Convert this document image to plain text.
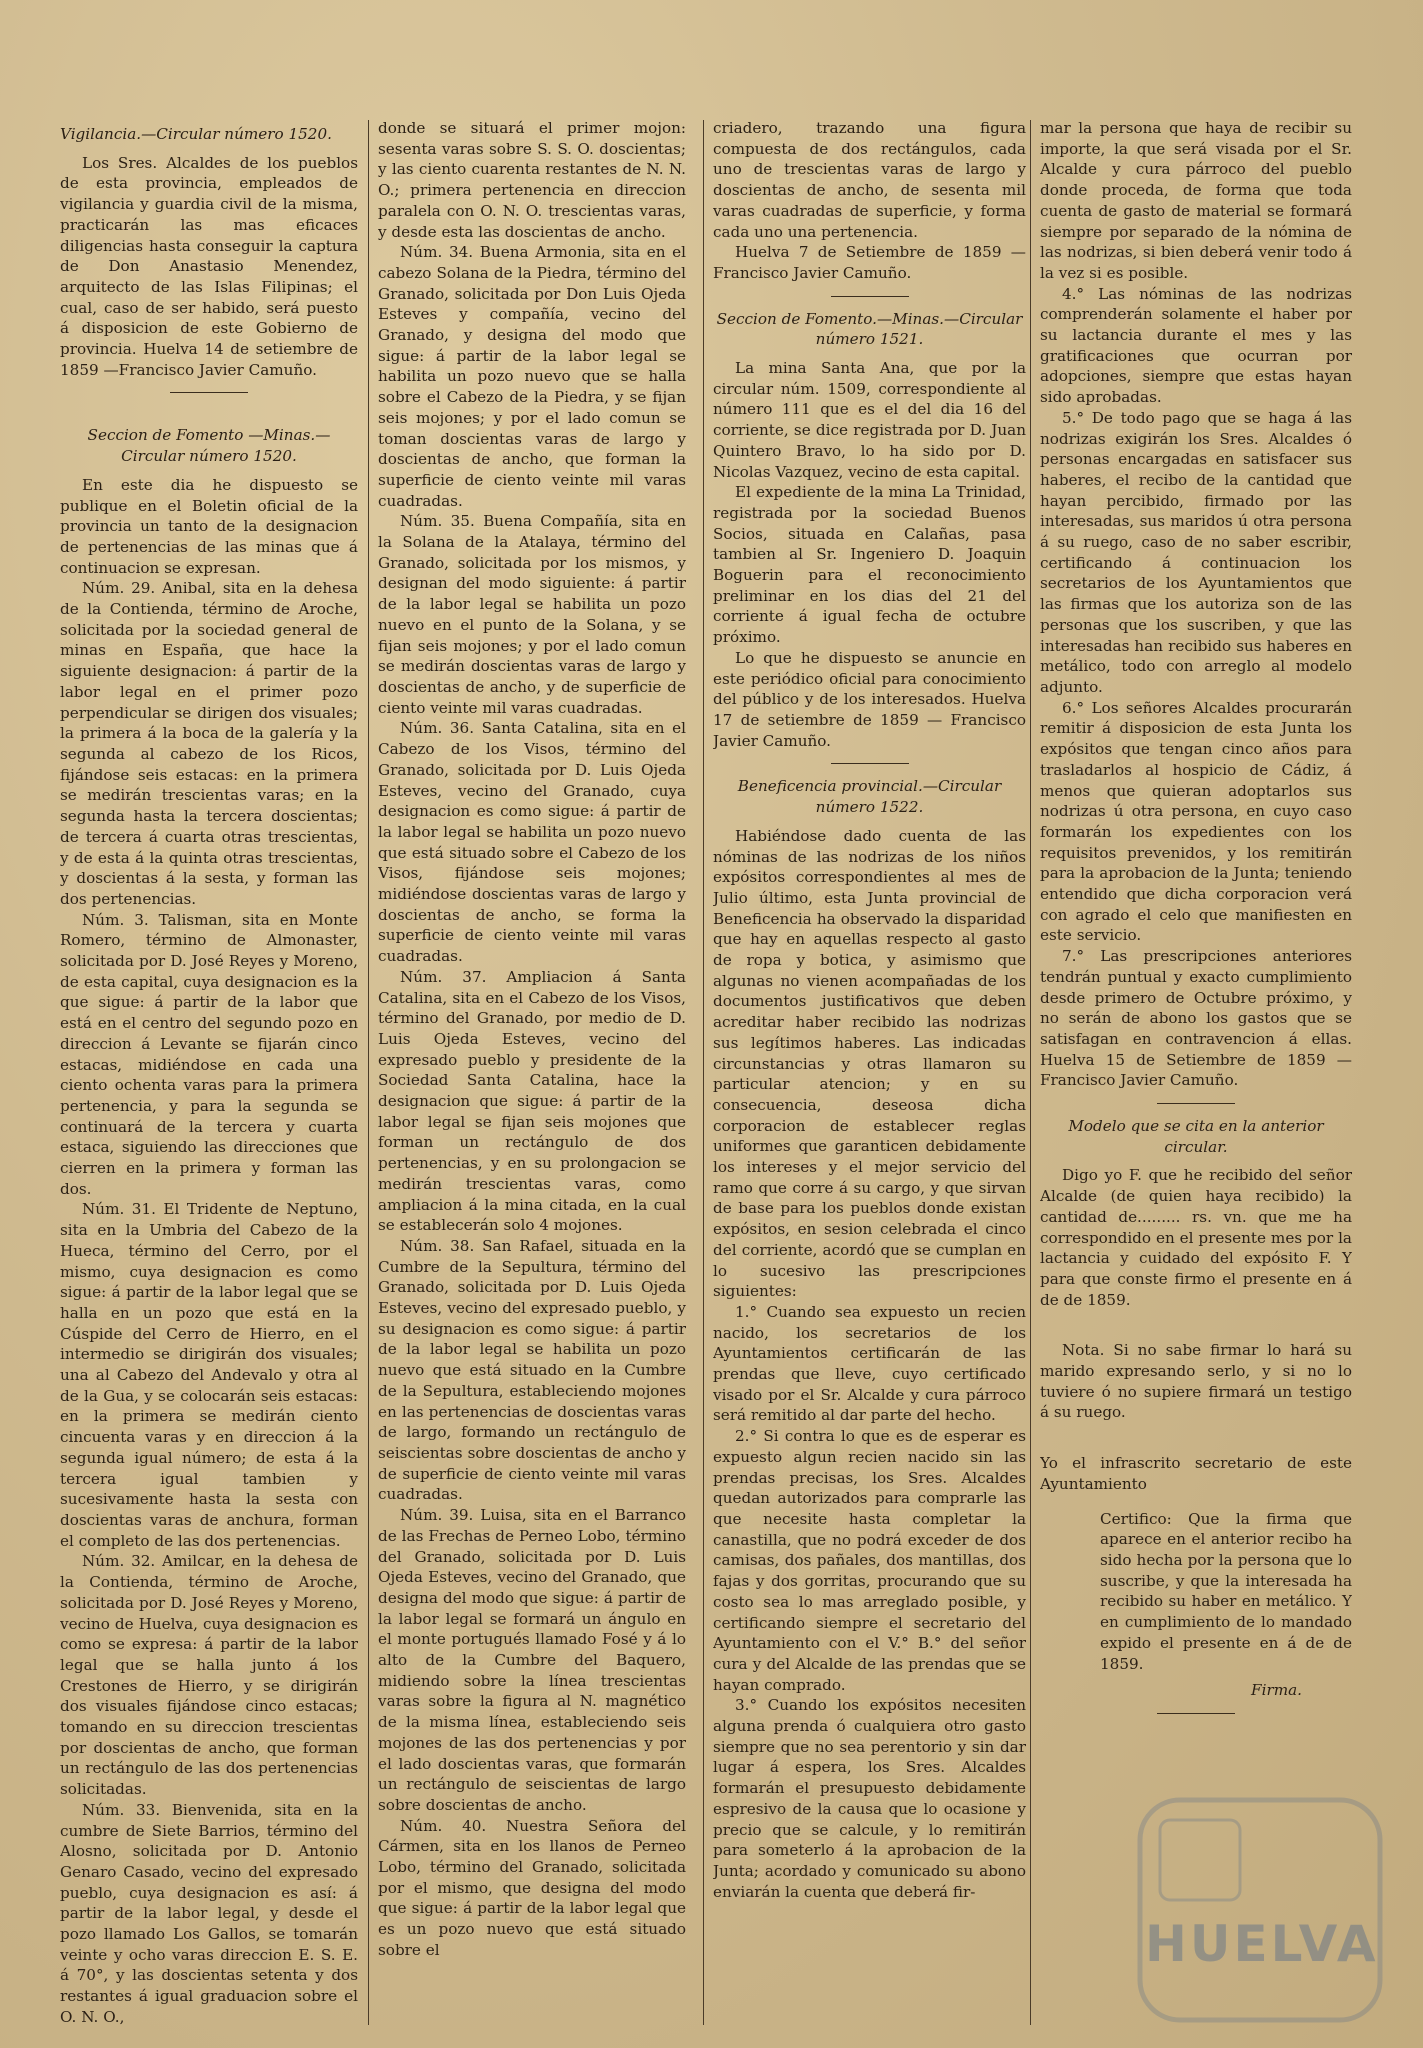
Vigilancia.—Circular número 1520.

Los Sres. Alcaldes de los pueblos de esta provincia, empleados de vigilancia y guardia civil de la misma, practicarán las mas eficaces diligencias hasta conseguir la captura de Don Anastasio Menendez, arquitecto de las Islas Filipinas; el cual, caso de ser habido, será puesto á disposicion de este Gobierno de provincia. Huelva 14 de setiembre de 1859 —Francisco Javier Camuño.

Seccion de Fomento —Minas.—Circular número 1520.

En este dia he dispuesto se publique en el Boletin oficial de la provincia un tanto de la designacion de pertenencias de las minas que á continuacion se expresan.

Núm. 29. Anibal, sita en la dehesa de la Contienda, término de Aroche, solicitada por la sociedad general de minas en España, que hace la siguiente designacion: á partir de la labor legal en el primer pozo perpendicular se dirigen dos visuales; la primera á la boca de la galería y la segunda al cabezo de los Ricos, fijándose seis estacas: en la primera se medirán trescientas varas; en la segunda hasta la tercera doscientas; de tercera á cuarta otras trescientas, y de esta á la quinta otras trescientas, y doscientas á la sesta, y forman las dos pertenencias.

Núm. 3. Talisman, sita en Monte Romero, término de Almonaster, solicitada por D. José Reyes y Moreno, de esta capital, cuya designacion es la que sigue: á partir de la labor que está en el centro del segundo pozo en direccion á Levante se fijarán cinco estacas, midiéndose en cada una ciento ochenta varas para la primera pertenencia, y para la segunda se continuará de la tercera y cuarta estaca, siguiendo las direcciones que cierren en la primera y forman las dos.

Núm. 31. El Tridente de Neptuno, sita en la Umbria del Cabezo de la Hueca, término del Cerro, por el mismo, cuya designacion es como sigue: á partir de la labor legal que se halla en un pozo que está en la Cúspide del Cerro de Hierro, en el intermedio se dirigirán dos visuales; una al Cabezo del Andevalo y otra al de la Gua, y se colocarán seis estacas: en la primera se medirán ciento cincuenta varas y en direccion á la segunda igual número; de esta á la tercera igual tambien y sucesivamente hasta la sesta con doscientas varas de anchura, forman el completo de las dos pertenencias.

Núm. 32. Amilcar, en la dehesa de la Contienda, término de Aroche, solicitada por D. José Reyes y Moreno, vecino de Huelva, cuya designacion es como se expresa: á partir de la labor legal que se halla junto á los Crestones de Hierro, y se dirigirán dos visuales fijándose cinco estacas; tomando en su direccion trescientas por doscientas de ancho, que forman un rectángulo de las dos pertenencias solicitadas.

Núm. 33. Bienvenida, sita en la cumbre de Siete Barrios, término del Alosno, solicitada por D. Antonio Genaro Casado, vecino del expresado pueblo, cuya designacion es así: á partir de la labor legal, y desde el pozo llamado Los Gallos, se tomarán veinte y ocho varas direccion E. S. E. á 70°, y las doscientas setenta y dos restantes á igual graduacion sobre el O. N. O.,

donde se situará el primer mojon: sesenta varas sobre S. S. O. doscientas; y las ciento cuarenta restantes de N. N. O.; primera pertenencia en direccion paralela con O. N. O. trescientas varas, y desde esta las doscientas de ancho.

Núm. 34. Buena Armonia, sita en el cabezo Solana de la Piedra, término del Granado, solicitada por Don Luis Ojeda Esteves y compañía, vecino del Granado, y designa del modo que sigue: á partir de la labor legal se habilita un pozo nuevo que se halla sobre el Cabezo de la Piedra, y se fijan seis mojones; y por el lado comun se toman doscientas varas de largo y doscientas de ancho, que forman la superficie de ciento veinte mil varas cuadradas.

Núm. 35. Buena Compañía, sita en la Solana de la Atalaya, término del Granado, solicitada por los mismos, y designan del modo siguiente: á partir de la labor legal se habilita un pozo nuevo en el punto de la Solana, y se fijan seis mojones; y por el lado comun se medirán doscientas varas de largo y doscientas de ancho, y de superficie de ciento veinte mil varas cuadradas.

Núm. 36. Santa Catalina, sita en el Cabezo de los Visos, término del Granado, solicitada por D. Luis Ojeda Esteves, vecino del Granado, cuya designacion es como sigue: á partir de la labor legal se habilita un pozo nuevo que está situado sobre el Cabezo de los Visos, fijándose seis mojones; midiéndose doscientas varas de largo y doscientas de ancho, se forma la superficie de ciento veinte mil varas cuadradas.

Núm. 37. Ampliacion á Santa Catalina, sita en el Cabezo de los Visos, término del Granado, por medio de D. Luis Ojeda Esteves, vecino del expresado pueblo y presidente de la Sociedad Santa Catalina, hace la designacion que sigue: á partir de la labor legal se fijan seis mojones que forman un rectángulo de dos pertenencias, y en su prolongacion se medirán trescientas varas, como ampliacion á la mina citada, en la cual se establecerán solo 4 mojones.

Núm. 38. San Rafael, situada en la Cumbre de la Sepultura, término del Granado, solicitada por D. Luis Ojeda Esteves, vecino del expresado pueblo, y su designacion es como sigue: á partir de la labor legal se habilita un pozo nuevo que está situado en la Cumbre de la Sepultura, estableciendo mojones en las pertenencias de doscientas varas de largo, formando un rectángulo de seiscientas sobre doscientas de ancho y de superficie de ciento veinte mil varas cuadradas.

Núm. 39. Luisa, sita en el Barranco de las Frechas de Perneo Lobo, término del Granado, solicitada por D. Luis Ojeda Esteves, vecino del Granado, que designa del modo que sigue: á partir de la labor legal se formará un ángulo en el monte portugués llamado Fosé y á lo alto de la Cumbre del Baquero, midiendo sobre la línea trescientas varas sobre la figura al N. magnético de la misma línea, estableciendo seis mojones de las dos pertenencias y por el lado doscientas varas, que formarán un rectángulo de seiscientas de largo sobre doscientas de ancho.

Núm. 40. Nuestra Señora del Cármen, sita en los llanos de Perneo Lobo, término del Granado, solicitada por el mismo, que designa del modo que sigue: á partir de la labor legal que es un pozo nuevo que está situado sobre el

criadero, trazando una figura compuesta de dos rectángulos, cada uno de trescientas varas de largo y doscientas de ancho, de sesenta mil varas cuadradas de superficie, y forma cada uno una pertenencia.

Huelva 7 de Setiembre de 1859 — Francisco Javier Camuño.

Seccion de Fomento.—Minas.—Circular número 1521.

La mina Santa Ana, que por la circular núm. 1509, correspondiente al número 111 que es el del dia 16 del corriente, se dice registrada por D. Juan Quintero Bravo, lo ha sido por D. Nicolas Vazquez, vecino de esta capital.

El expediente de la mina La Trinidad, registrada por la sociedad Buenos Socios, situada en Calañas, pasa tambien al Sr. Ingeniero D. Joaquin Boguerin para el reconocimiento preliminar en los dias del 21 del corriente á igual fecha de octubre próximo.

Lo que he dispuesto se anuncie en este periódico oficial para conocimiento del público y de los interesados. Huelva 17 de setiembre de 1859 — Francisco Javier Camuño.

Beneficencia provincial.—Circular número 1522.

Habiéndose dado cuenta de las nóminas de las nodrizas de los niños expósitos correspondientes al mes de Julio último, esta Junta provincial de Beneficencia ha observado la disparidad que hay en aquellas respecto al gasto de ropa y botica, y asimismo que algunas no vienen acompañadas de los documentos justificativos que deben acreditar haber recibido las nodrizas sus legítimos haberes. Las indicadas circunstancias y otras llamaron su particular atencion; y en su consecuencia, deseosa dicha corporacion de establecer reglas uniformes que garanticen debidamente los intereses y el mejor servicio del ramo que corre á su cargo, y que sirvan de base para los pueblos donde existan expósitos, en sesion celebrada el cinco del corriente, acordó que se cumplan en lo sucesivo las prescripciones siguientes:

1.° Cuando sea expuesto un recien nacido, los secretarios de los Ayuntamientos certificarán de las prendas que lleve, cuyo certificado visado por el Sr. Alcalde y cura párroco será remitido al dar parte del hecho.

2.° Si contra lo que es de esperar es expuesto algun recien nacido sin las prendas precisas, los Sres. Alcaldes quedan autorizados para comprarle las que necesite hasta completar la canastilla, que no podrá exceder de dos camisas, dos pañales, dos mantillas, dos fajas y dos gorritas, procurando que su costo sea lo mas arreglado posible, y certificando siempre el secretario del Ayuntamiento con el V.° B.° del señor cura y del Alcalde de las prendas que se hayan comprado.

3.° Cuando los expósitos necesiten alguna prenda ó cualquiera otro gasto siempre que no sea perentorio y sin dar lugar á espera, los Sres. Alcaldes formarán el presupuesto debidamente espresivo de la causa que lo ocasione y precio que se calcule, y lo remitirán para someterlo á la aprobacion de la Junta; acordado y comunicado su abono enviarán la cuenta que deberá fir-

mar la persona que haya de recibir su importe, la que será visada por el Sr. Alcalde y cura párroco del pueblo donde proceda, de forma que toda cuenta de gasto de material se formará siempre por separado de la nómina de las nodrizas, si bien deberá venir todo á la vez si es posible.

4.° Las nóminas de las nodrizas comprenderán solamente el haber por su lactancia durante el mes y las gratificaciones que ocurran por adopciones, siempre que estas hayan sido aprobadas.

5.° De todo pago que se haga á las nodrizas exigirán los Sres. Alcaldes ó personas encargadas en satisfacer sus haberes, el recibo de la cantidad que hayan percibido, firmado por las interesadas, sus maridos ú otra persona á su ruego, caso de no saber escribir, certificando á continuacion los secretarios de los Ayuntamientos que las firmas que los autoriza son de las personas que los suscriben, y que las interesadas han recibido sus haberes en metálico, todo con arreglo al modelo adjunto.

6.° Los señores Alcaldes procurarán remitir á disposicion de esta Junta los expósitos que tengan cinco años para trasladarlos al hospicio de Cádiz, á menos que quieran adoptarlos sus nodrizas ú otra persona, en cuyo caso formarán los expedientes con los requisitos prevenidos, y los remitirán para la aprobacion de la Junta; teniendo entendido que dicha corporacion verá con agrado el celo que manifiesten en este servicio.

7.° Las prescripciones anteriores tendrán puntual y exacto cumplimiento desde primero de Octubre próximo, y no serán de abono los gastos que se satisfagan en contravencion á ellas. Huelva 15 de Setiembre de 1859 — Francisco Javier Camuño.

Modelo que se cita en la anterior circular.

Digo yo F. que he recibido del señor Alcalde (de quien haya recibido) la cantidad de......... rs. vn. que me ha correspondido en el presente mes por la lactancia y cuidado del expósito F. Y para que conste firmo el presente en á de de 1859.

Nota. Si no sabe firmar lo hará su marido expresando serlo, y si no lo tuviere ó no supiere firmará un testigo á su ruego.

Yo el infrascrito secretario de este Ayuntamiento

Certifico: Que la firma que aparece en el anterior recibo ha sido hecha por la persona que lo suscribe, y que la interesada ha recibido su haber en metálico. Y en cumplimiento de lo mandado expido el presente en á de de 1859.

Firma.

HUELVA
